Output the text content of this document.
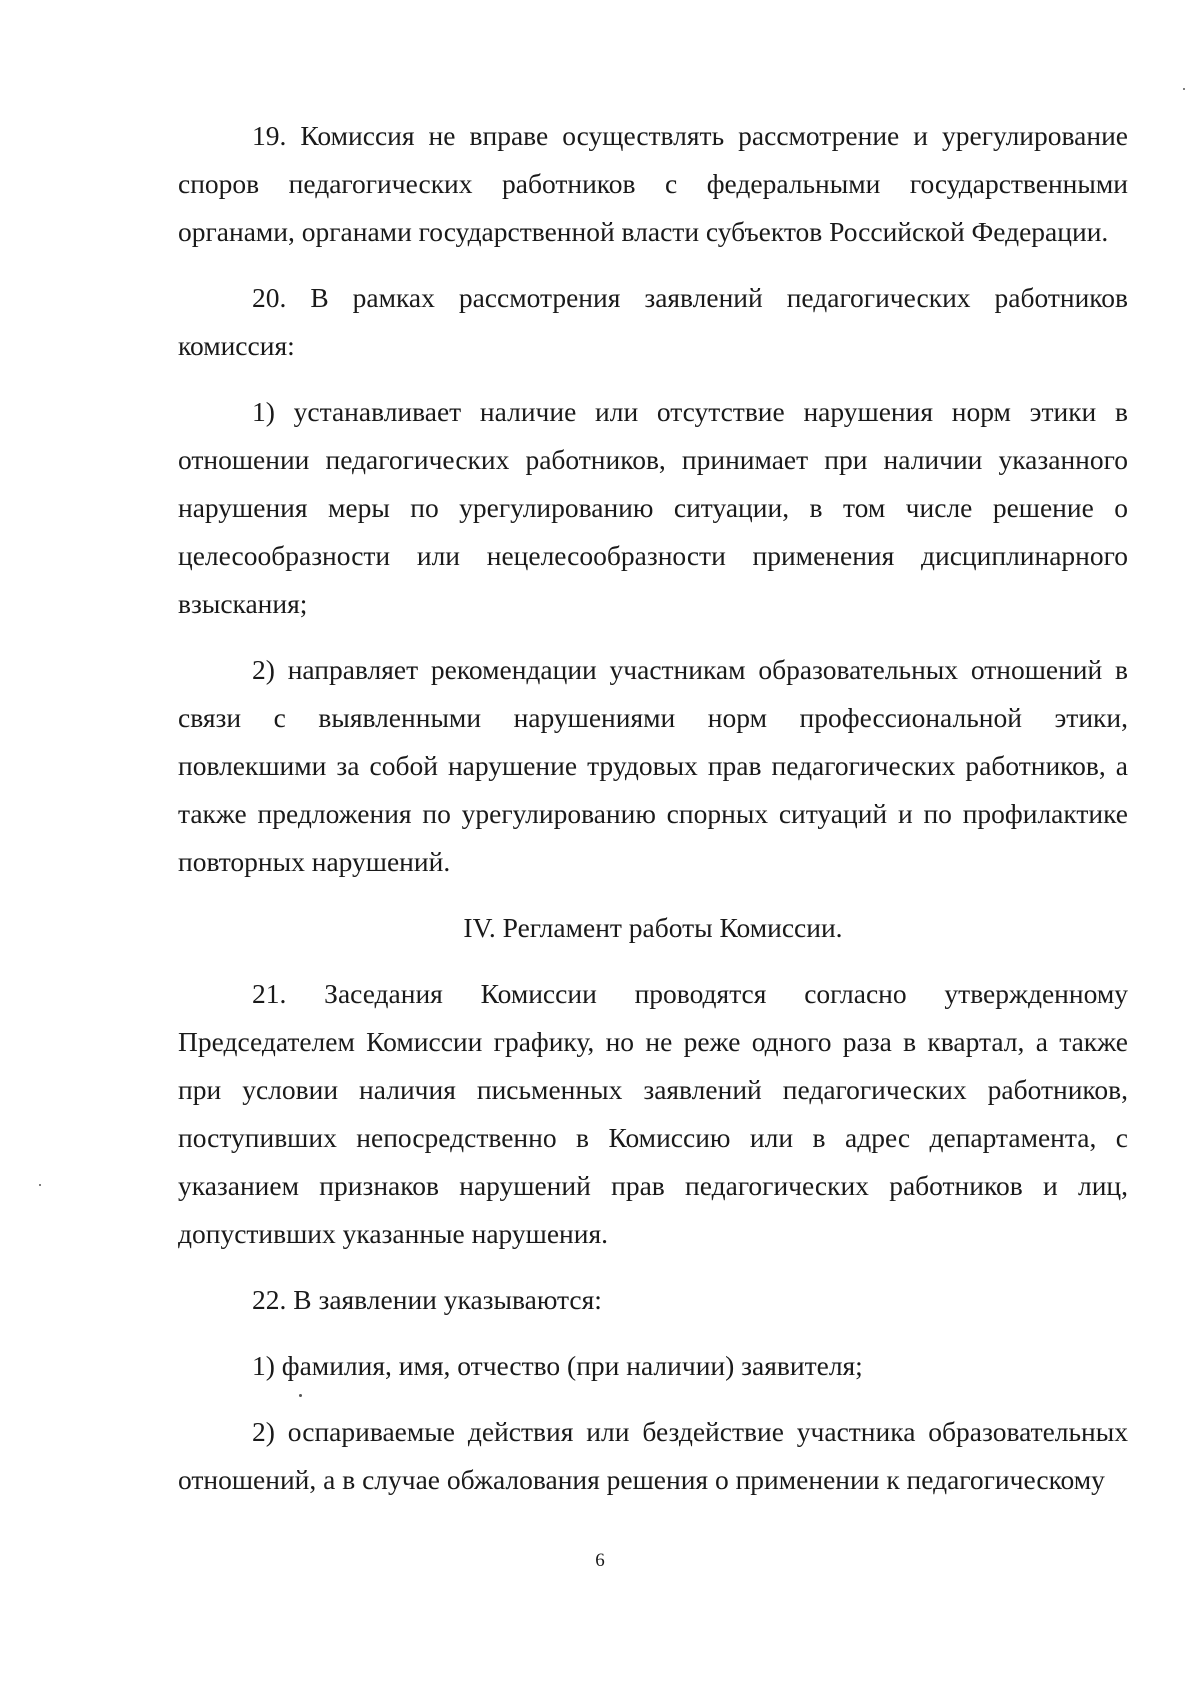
19. Комиссия не вправе осуществлять рассмотрение и урегулирование споров педагогических работников с федеральными государственными органами, органами государственной власти субъектов Российской Федерации.

20. В рамках рассмотрения заявлений педагогических работников комиссия:

1) устанавливает наличие или отсутствие нарушения норм этики в отношении педагогических работников, принимает при наличии указанного нарушения меры по урегулированию ситуации, в том числе решение о целесообразности или нецелесообразности применения дисциплинарного взыскания;

2) направляет рекомендации участникам образовательных отношений в связи с выявленными нарушениями норм профессиональной этики, повлекшими за собой нарушение трудовых прав педагогических работников, а также предложения по урегулированию спорных ситуаций и по профилактике повторных нарушений.

IV. Регламент работы Комиссии.

21. Заседания Комиссии проводятся согласно утвержденному Председателем Комиссии графику, но не реже одного раза в квартал, а также при условии наличия письменных заявлений педагогических работников, поступивших непосредственно в Комиссию или в адрес департамента, с указанием признаков нарушений прав педагогических работников и лиц, допустивших указанные нарушения.

22. В заявлении указываются:

1) фамилия, имя, отчество (при наличии) заявителя;

2) оспариваемые действия или бездействие участника образовательных отношений, а в случае обжалования решения о применении к педагогическому

6
